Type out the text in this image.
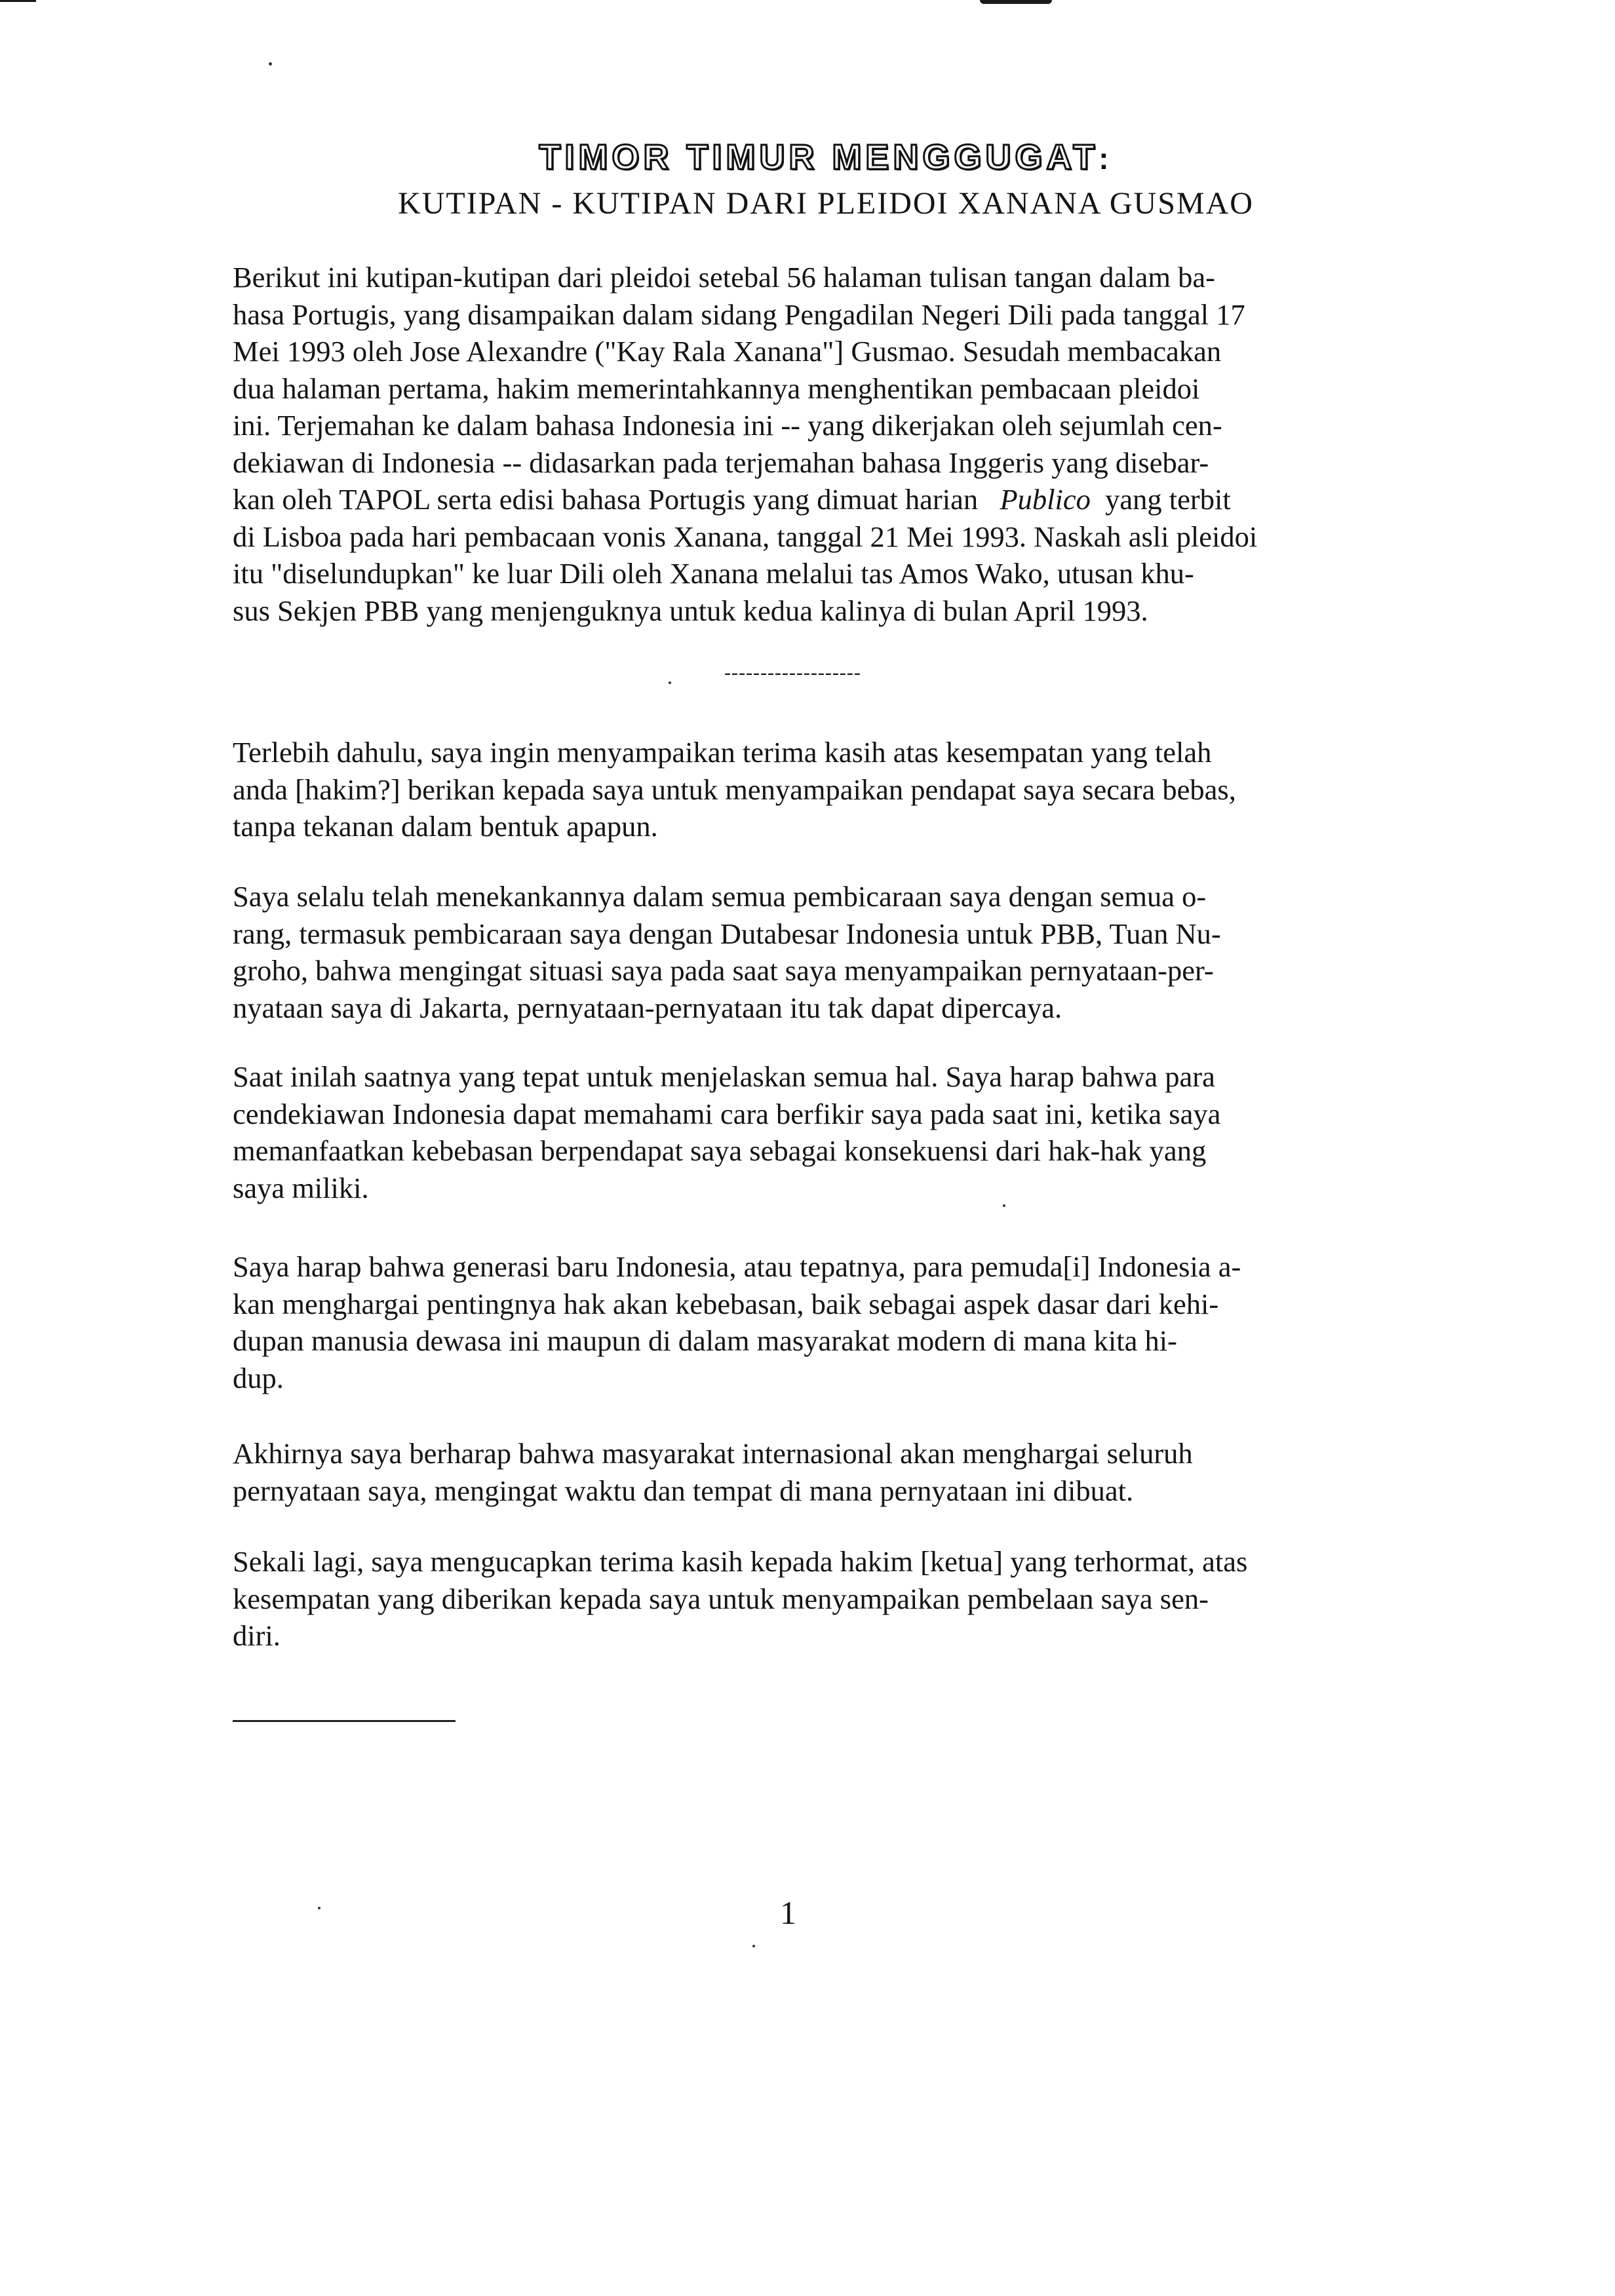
TIMOR TIMUR MENGGUGAT:
KUTIPAN - KUTIPAN DARI PLEIDOI XANANA GUSMAO
Berikut ini kutipan-kutipan dari pleidoi setebal 56 halaman tulisan tangan dalam ba-
hasa Portugis, yang disampaikan dalam sidang Pengadilan Negeri Dili pada tanggal 17
Mei 1993 oleh Jose Alexandre ("Kay Rala Xanana"] Gusmao. Sesudah membacakan
dua halaman pertama, hakim memerintahkannya menghentikan pembacaan pleidoi
ini. Terjemahan ke dalam bahasa Indonesia ini -- yang dikerjakan oleh sejumlah cen-
dekiawan di Indonesia -- didasarkan pada terjemahan bahasa Inggeris yang disebar-
kan oleh TAPOL serta edisi bahasa Portugis yang dimuat harian Publico yang terbit
di Lisboa pada hari pembacaan vonis Xanana, tanggal 21 Mei 1993. Naskah asli pleidoi
itu "diselundupkan" ke luar Dili oleh Xanana melalui tas Amos Wako, utusan khu-
sus Sekjen PBB yang menjenguknya untuk kedua kalinya di bulan April 1993.
-------------------
Terlebih dahulu, saya ingin menyampaikan terima kasih atas kesempatan yang telah
anda [hakim?] berikan kepada saya untuk menyampaikan pendapat saya secara bebas,
tanpa tekanan dalam bentuk apapun.
Saya selalu telah menekankannya dalam semua pembicaraan saya dengan semua o-
rang, termasuk pembicaraan saya dengan Dutabesar Indonesia untuk PBB, Tuan Nu-
groho, bahwa mengingat situasi saya pada saat saya menyampaikan pernyataan-per-
nyataan saya di Jakarta, pernyataan-pernyataan itu tak dapat dipercaya.
Saat inilah saatnya yang tepat untuk menjelaskan semua hal. Saya harap bahwa para
cendekiawan Indonesia dapat memahami cara berfikir saya pada saat ini, ketika saya
memanfaatkan kebebasan berpendapat saya sebagai konsekuensi dari hak-hak yang
saya miliki.
Saya harap bahwa generasi baru Indonesia, atau tepatnya, para pemuda[i] Indonesia a-
kan menghargai pentingnya hak akan kebebasan, baik sebagai aspek dasar dari kehi-
dupan manusia dewasa ini maupun di dalam masyarakat modern di mana kita hi-
dup.
Akhirnya saya berharap bahwa masyarakat internasional akan menghargai seluruh
pernyataan saya, mengingat waktu dan tempat di mana pernyataan ini dibuat.
Sekali lagi, saya mengucapkan terima kasih kepada hakim [ketua] yang terhormat, atas
kesempatan yang diberikan kepada saya untuk menyampaikan pembelaan saya sen-
diri.
1
